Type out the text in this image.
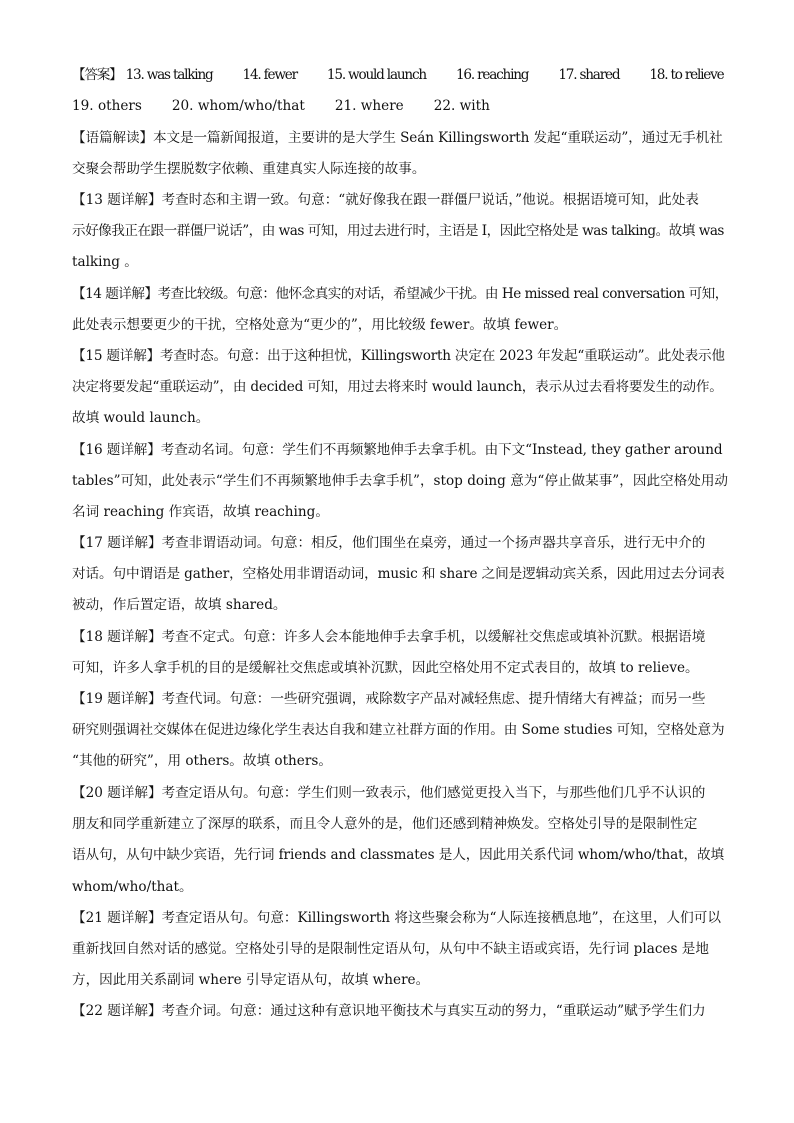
【答案】 13. was talking 14. fewer 15. would launch 16. reaching 17. shared 18. to relieve
19. others 20. whom/who/that 21. where 22. with
【语篇解读】本文是一篇新闻报道，主要讲的是大学生 Seán Killingsworth 发起“重联运动”，通过无手机社
交聚会帮助学生摆脱数字依赖、重建真实人际连接的故事。
【13 题详解】考查时态和主谓一致。句意：“就好像我在跟一群僵尸说话，”他说。根据语境可知，此处表
示好像我正在跟一群僵尸说话”，由 was 可知，用过去进行时，主语是 I，因此空格处是 was talking。故填 was
talking 。
【14 题详解】考查比较级。句意：他怀念真实的对话，希望减少干扰。由 He missed real conversation 可知，
此处表示想要更少的干扰，空格处意为“更少的”，用比较级 fewer。故填 fewer。
【15 题详解】考查时态。句意：出于这种担忧，Killingsworth 决定在 2023 年发起“重联运动”。此处表示他
决定将要发起“重联运动”，由 decided 可知，用过去将来时 would launch，表示从过去看将要发生的动作。
故填 would launch。
【16 题详解】考查动名词。句意：学生们不再频繁地伸手去拿手机。由下文“Instead, they gather around
tables”可知，此处表示“学生们不再频繁地伸手去拿手机”，stop doing 意为“停止做某事”，因此空格处用动
名词 reaching 作宾语，故填 reaching。
【17 题详解】考查非谓语动词。句意：相反，他们围坐在桌旁，通过一个扬声器共享音乐，进行无中介的
对话。句中谓语是 gather，空格处用非谓语动词，music 和 share 之间是逻辑动宾关系，因此用过去分词表
被动，作后置定语，故填 shared。
【18 题详解】考查不定式。句意：许多人会本能地伸手去拿手机，以缓解社交焦虑或填补沉默。根据语境
可知，许多人拿手机的目的是缓解社交焦虑或填补沉默，因此空格处用不定式表目的，故填 to relieve。
【19 题详解】考查代词。句意：一些研究强调，戒除数字产品对减轻焦虑、提升情绪大有裨益；而另一些
研究则强调社交媒体在促进边缘化学生表达自我和建立社群方面的作用。由 Some studies 可知，空格处意为
“其他的研究”，用 others。故填 others。
【20 题详解】考查定语从句。句意：学生们则一致表示，他们感觉更投入当下，与那些他们几乎不认识的
朋友和同学重新建立了深厚的联系，而且令人意外的是，他们还感到精神焕发。空格处引导的是限制性定
语从句，从句中缺少宾语，先行词 friends and classmates 是人，因此用关系代词 whom/who/that，故填
whom/who/that。
【21 题详解】考查定语从句。句意：Killingsworth 将这些聚会称为“人际连接栖息地”，在这里，人们可以
重新找回自然对话的感觉。空格处引导的是限制性定语从句，从句中不缺主语或宾语，先行词 places 是地
方，因此用关系副词 where 引导定语从句，故填 where。
【22 题详解】考查介词。句意：通过这种有意识地平衡技术与真实互动的努力，“重联运动”赋予学生们力
